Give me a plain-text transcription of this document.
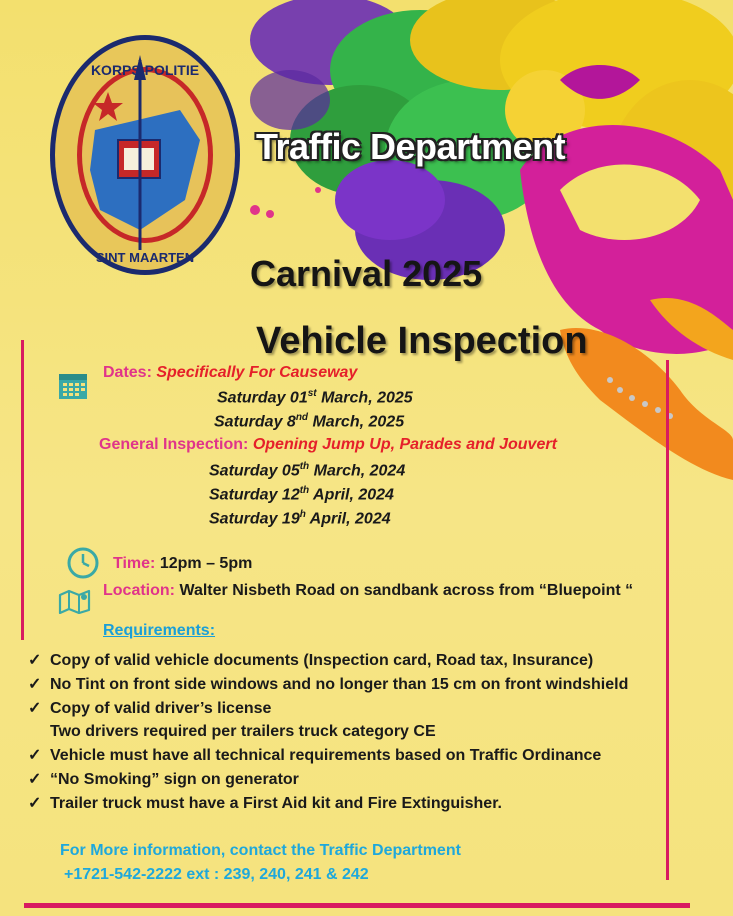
KORPS POLITIE
SINT MAARTEN
Traffic Department
Carnival 2025
Vehicle Inspection
Dates: Specifically For Causeway
Saturday 01st March, 2025
Saturday 8nd March, 2025
General Inspection: Opening Jump Up, Parades and Jouvert
Saturday 05th March, 2024
Saturday 12th April, 2024
Saturday 19$^h$ April, 2024
Time: 12pm – 5pm
Location: Walter Nisbeth Road on sandbank across from “Bluepoint “
Requirements:
✓ Copy of valid vehicle documents (Inspection card, Road tax, Insurance)
✓ No Tint on front side windows and no longer than 15 cm on front windshield
✓ Copy of valid driver’s license
Two drivers required per trailers truck category CE
✓ Vehicle must have all technical requirements based on Traffic Ordinance
✓ “No Smoking” sign on generator
✓ Trailer truck must have a First Aid kit and Fire Extinguisher.
For More information, contact the Traffic Department
+1721-542-2222 ext : 239, 240, 241 & 242
